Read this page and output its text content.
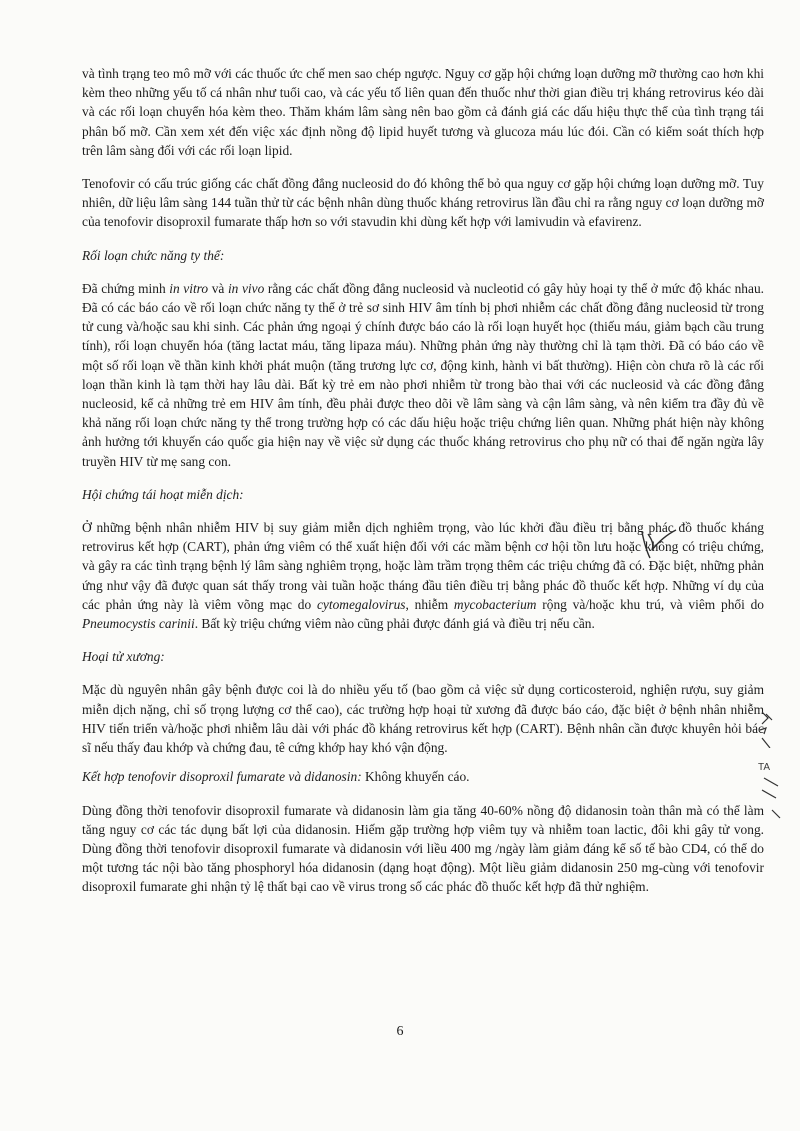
và tình trạng teo mô mỡ với các thuốc ức chế men sao chép ngược. Nguy cơ gặp hội chứng loạn dưỡng mỡ thường cao hơn khi kèm theo những yếu tố cá nhân như tuổi cao, và các yếu tố liên quan đến thuốc như thời gian điều trị kháng retrovirus kéo dài và các rối loạn chuyển hóa kèm theo. Thăm khám lâm sàng nên bao gồm cả đánh giá các dấu hiệu thực thể của tình trạng tái phân bố mỡ. Cần xem xét đến việc xác định nồng độ lipid huyết tương và glucoza máu lúc đói. Cần có kiểm soát thích hợp trên lâm sàng đối với các rối loạn lipid.

Tenofovir có cấu trúc giống các chất đồng đẳng nucleosid do đó không thể bỏ qua nguy cơ gặp hội chứng loạn dưỡng mỡ. Tuy nhiên, dữ liệu lâm sàng 144 tuần thử từ các bệnh nhân dùng thuốc kháng retrovirus lần đầu chỉ ra rằng nguy cơ loạn dưỡng mỡ của tenofovir disoproxil fumarate thấp hơn so với stavudin khi dùng kết hợp với lamivudin và efavirenz.

Rối loạn chức năng ty thể:

Đã chứng minh in vitro và in vivo rằng các chất đồng đẳng nucleosid và nucleotid có gây hủy hoại ty thể ở mức độ khác nhau. Đã có các báo cáo về rối loạn chức năng ty thể ở trẻ sơ sinh HIV âm tính bị phơi nhiễm các chất đồng đẳng nucleosid từ trong tử cung và/hoặc sau khi sinh. Các phản ứng ngoại ý chính được báo cáo là rối loạn huyết học (thiếu máu, giảm bạch cầu trung tính), rối loạn chuyển hóa (tăng lactat máu, tăng lipaza máu). Những phản ứng này thường chỉ là tạm thời. Đã có báo cáo về một số rối loạn về thần kinh khởi phát muộn (tăng trương lực cơ, động kinh, hành vi bất thường). Hiện còn chưa rõ là các rối loạn thần kinh là tạm thời hay lâu dài. Bất kỳ trẻ em nào phơi nhiễm từ trong bào thai với các nucleosid và các đồng đẳng nucleosid, kể cả những trẻ em HIV âm tính, đều phải được theo dõi về lâm sàng và cận lâm sàng, và nên kiểm tra đầy đủ về khả năng rối loạn chức năng ty thể trong trường hợp có các dấu hiệu hoặc triệu chứng liên quan. Những phát hiện này không ảnh hưởng tới khuyến cáo quốc gia hiện nay về việc sử dụng các thuốc kháng retrovirus cho phụ nữ có thai để ngăn ngừa lây truyền HIV từ mẹ sang con.

Hội chứng tái hoạt miễn dịch:

Ở những bệnh nhân nhiễm HIV bị suy giảm miễn dịch nghiêm trọng, vào lúc khởi đầu điều trị bằng phác đồ thuốc kháng retrovirus kết hợp (CART), phản ứng viêm có thể xuất hiện đối với các mầm bệnh cơ hội tồn lưu hoặc không có triệu chứng, và gây ra các tình trạng bệnh lý lâm sàng nghiêm trọng, hoặc làm trầm trọng thêm các triệu chứng đã có. Đặc biệt, những phản ứng như vậy đã được quan sát thấy trong vài tuần hoặc tháng đầu tiên điều trị bằng phác đồ thuốc kết hợp. Những ví dụ của các phản ứng này là viêm võng mạc do cytomegalovirus, nhiễm mycobacterium rộng và/hoặc khu trú, và viêm phổi do Pneumocystis carinii. Bất kỳ triệu chứng viêm nào cũng phải được đánh giá và điều trị nếu cần.

Hoại tử xương:

Mặc dù nguyên nhân gây bệnh được coi là do nhiều yếu tố (bao gồm cả việc sử dụng corticosteroid, nghiện rượu, suy giảm miễn dịch nặng, chỉ số trọng lượng cơ thể cao), các trường hợp hoại tử xương đã được báo cáo, đặc biệt ở bệnh nhân nhiễm HIV tiến triển và/hoặc phơi nhiễm lâu dài với phác đồ kháng retrovirus kết hợp (CART). Bệnh nhân cần được khuyên hỏi bác sĩ nếu thấy đau khớp và chứng đau, tê cứng khớp hay khó vận động.

Kết hợp tenofovir disoproxil fumarate và didanosin: Không khuyến cáo.

Dùng đồng thời tenofovir disoproxil fumarate và didanosin làm gia tăng 40-60% nồng độ didanosin toàn thân mà có thể làm tăng nguy cơ các tác dụng bất lợi của didanosin. Hiếm gặp trường hợp viêm tụy và nhiễm toan lactic, đôi khi gây tử vong. Dùng đồng thời tenofovir disoproxil fumarate và didanosin với liều 400 mg /ngày làm giảm đáng kể số tế bào CD4, có thể do một tương tác nội bào tăng phosphoryl hóa didanosin (dạng hoạt động). Một liều giảm didanosin 250 mg-cùng với tenofovir disoproxil fumarate ghi nhận tỷ lệ thất bại cao về virus trong số các phác đồ thuốc kết hợp đã thử nghiệm.

6
TA
